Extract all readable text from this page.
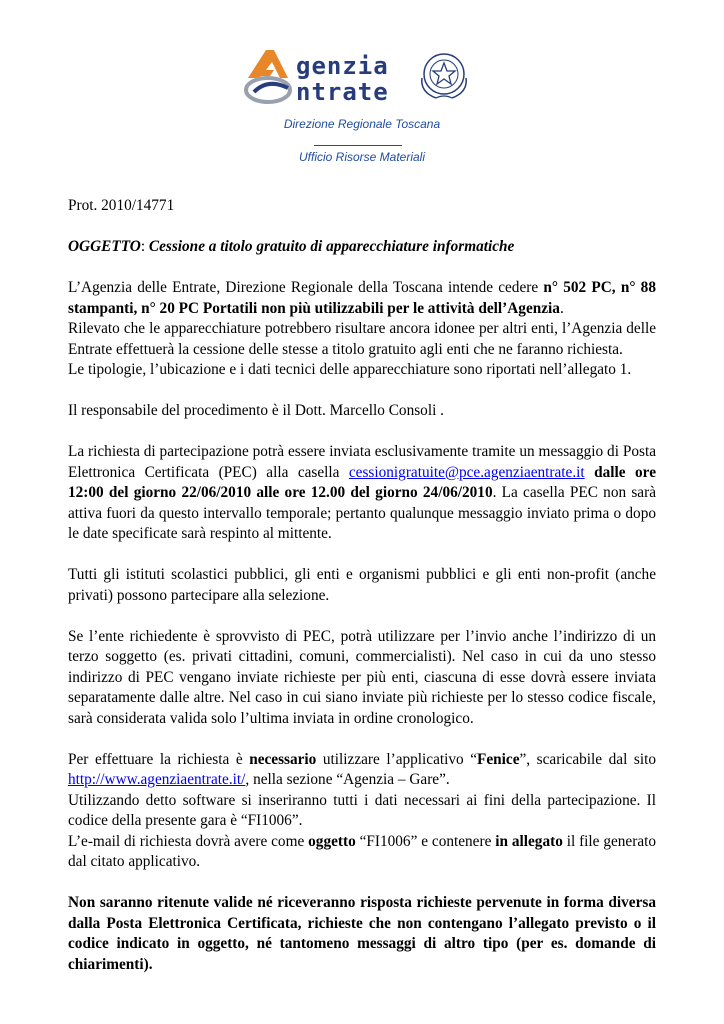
genzia
ntrate
Direzione Regionale Toscana
Ufficio Risorse Materiali

Prot. 2010/14771

OGGETTO: Cessione a titolo gratuito di apparecchiature informatiche

L’Agenzia delle Entrate, Direzione Regionale della Toscana intende cedere n° 502 PC, n° 88 stampanti, n° 20 PC Portatili non più utilizzabili per le attività dell’Agenzia.

Rilevato che le apparecchiature potrebbero risultare ancora idonee per altri enti, l’Agenzia delle Entrate effettuerà la cessione delle stesse a titolo gratuito agli enti che ne faranno richiesta.

Le tipologie, l’ubicazione e i dati tecnici delle apparecchiature sono riportati nell’allegato 1.

Il responsabile del procedimento è il Dott. Marcello Consoli .

La richiesta di partecipazione potrà essere inviata esclusivamente tramite un messaggio di Posta Elettronica Certificata (PEC) alla casella cessionigratuite@pce.agenziaentrate.it dalle ore 12:00 del giorno 22/06/2010 alle ore 12.00 del giorno 24/06/2010. La casella PEC non sarà attiva fuori da questo intervallo temporale; pertanto qualunque messaggio inviato prima o dopo le date specificate sarà respinto al mittente.

Tutti gli istituti scolastici pubblici, gli enti e organismi pubblici e gli enti non-profit (anche privati) possono partecipare alla selezione.

Se l’ente richiedente è sprovvisto di PEC, potrà utilizzare per l’invio anche l’indirizzo di un terzo soggetto (es. privati cittadini, comuni, commercialisti). Nel caso in cui da uno stesso indirizzo di PEC vengano inviate richieste per più enti, ciascuna di esse dovrà essere inviata separatamente dalle altre. Nel caso in cui siano inviate più richieste per lo stesso codice fiscale, sarà considerata valida solo l’ultima inviata in ordine cronologico.

Per effettuare la richiesta è necessario utilizzare l’applicativo “Fenice”, scaricabile dal sito http://www.agenziaentrate.it/, nella sezione “Agenzia – Gare”.

Utilizzando detto software si inseriranno tutti i dati necessari ai fini della partecipazione. Il codice della presente gara è “FI1006”.

L’e-mail di richiesta dovrà avere come oggetto “FI1006” e contenere in allegato il file generato dal citato applicativo.

Non saranno ritenute valide né riceveranno risposta richieste pervenute in forma diversa dalla Posta Elettronica Certificata, richieste che non contengano l’allegato previsto o il codice indicato in oggetto, né tantomeno messaggi di altro tipo (per es. domande di chiarimenti).
